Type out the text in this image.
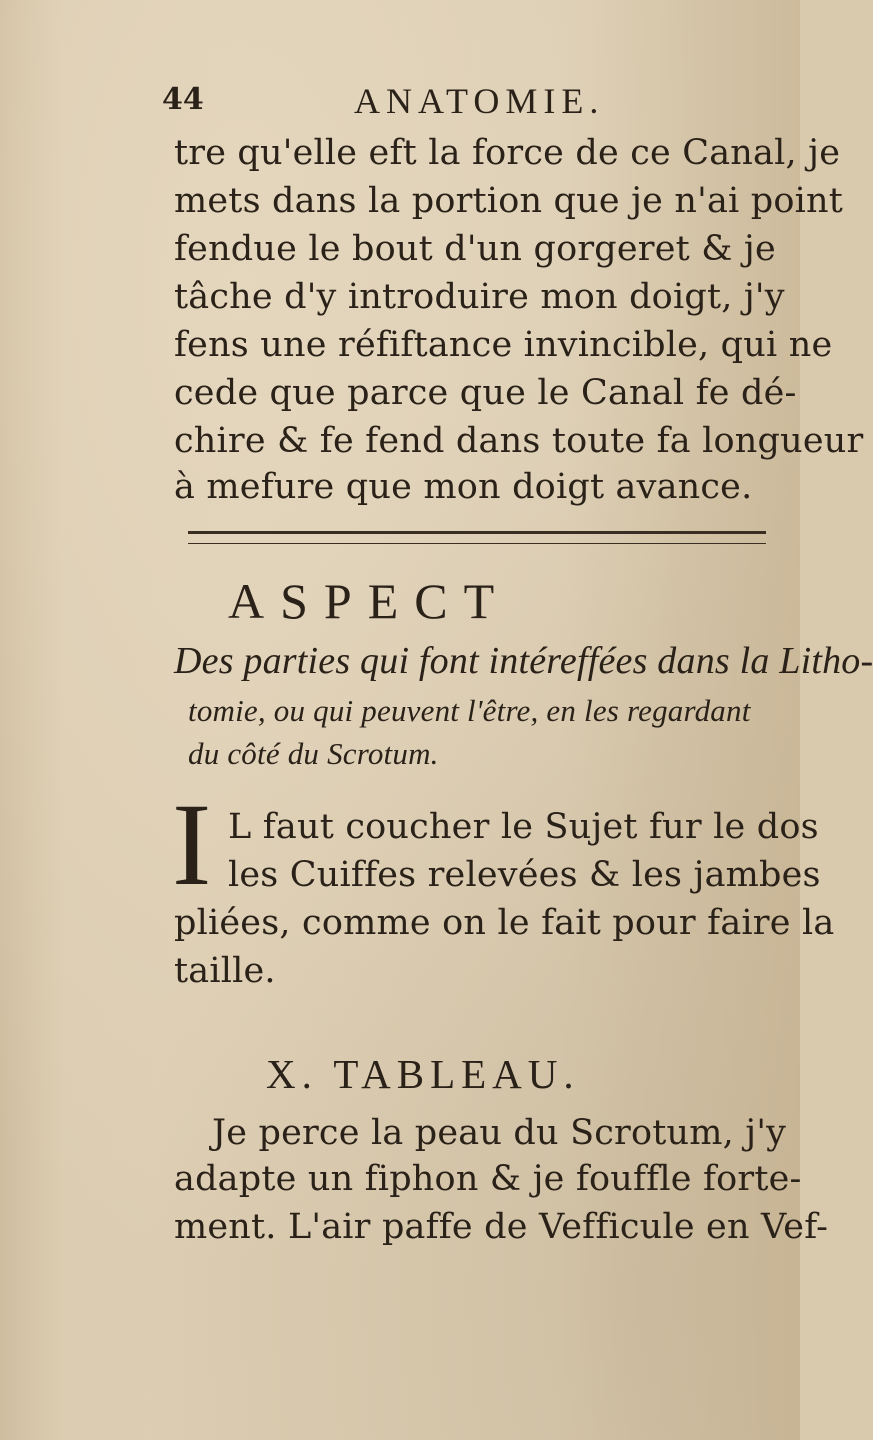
44	ANATOMIE.
tre qu'elle eft la force de ce Canal, je
mets dans la portion que je n'ai point
fendue le bout d'un gorgeret & je
tâche d'y introduire mon doigt, j'y
fens une réfiftance invincible, qui ne
cede que parce que le Canal fe dé-
chire & fe fend dans toute fa longueur
à mefure que mon doigt avance.
ASPECT
Des parties qui font intéreffées dans la Litho-
tomie, ou qui peuvent l'être, en les regardant
du côté du Scrotum.
I L faut coucher le Sujet fur le dos
les Cuiffes relevées & les jambes
pliées, comme on le fait pour faire la
taille.
X. TABLEAU.
Je perce la peau du Scrotum, j'y
adapte un fiphon & je fouffle forte-
ment. L'air paffe de Vefficule en Vef-
